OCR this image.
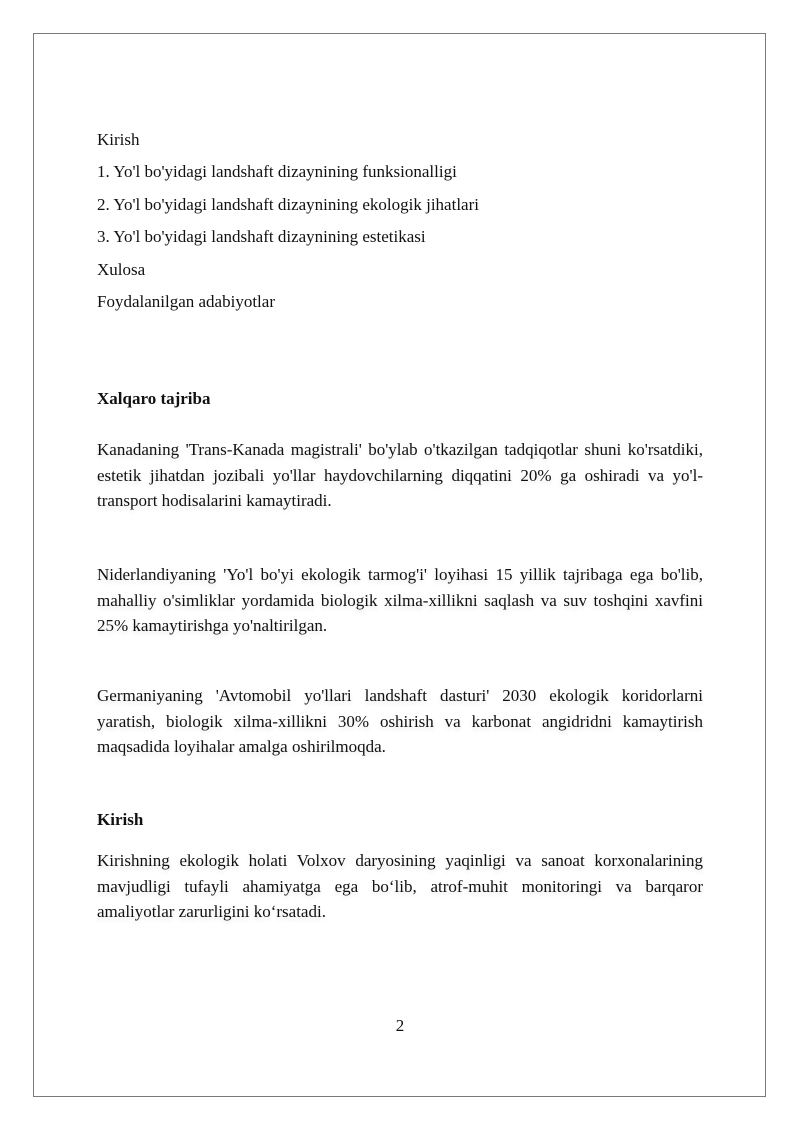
Kirish
1. Yo'l bo'yidagi landshaft dizaynining funksionalligi
2. Yo'l bo'yidagi landshaft dizaynining ekologik jihatlari
3. Yo'l bo'yidagi landshaft dizaynining estetikasi
Xulosa
Foydalanilgan adabiyotlar
Xalqaro tajriba
Kanadaning 'Trans-Kanada magistrali' bo'ylab o'tkazilgan tadqiqotlar shuni ko'rsatdiki, estetik jihatdan jozibali yo'llar haydovchilarning diqqatini 20% ga oshiradi va yo'l-transport hodisalarini kamaytiradi.
Niderlandiyaning 'Yo'l bo'yi ekologik tarmog'i' loyihasi 15 yillik tajribaga ega bo'lib, mahalliy o'simliklar yordamida biologik xilma-xillikni saqlash va suv toshqini xavfini 25% kamaytirishga yo'naltirilgan.
Germaniyaning 'Avtomobil yo'llari landshaft dasturi' 2030 ekologik koridorlarni yaratish, biologik xilma-xillikni 30% oshirish va karbonat angidridni kamaytirish maqsadida loyihalar amalga oshirilmoqda.
Kirish
Kirishning ekologik holati Volxov daryosining yaqinligi va sanoat korxonalarining mavjudligi tufayli ahamiyatga ega bo‘lib, atrof-muhit monitoringi va barqaror amaliyotlar zarurligini ko‘rsatadi.
2
